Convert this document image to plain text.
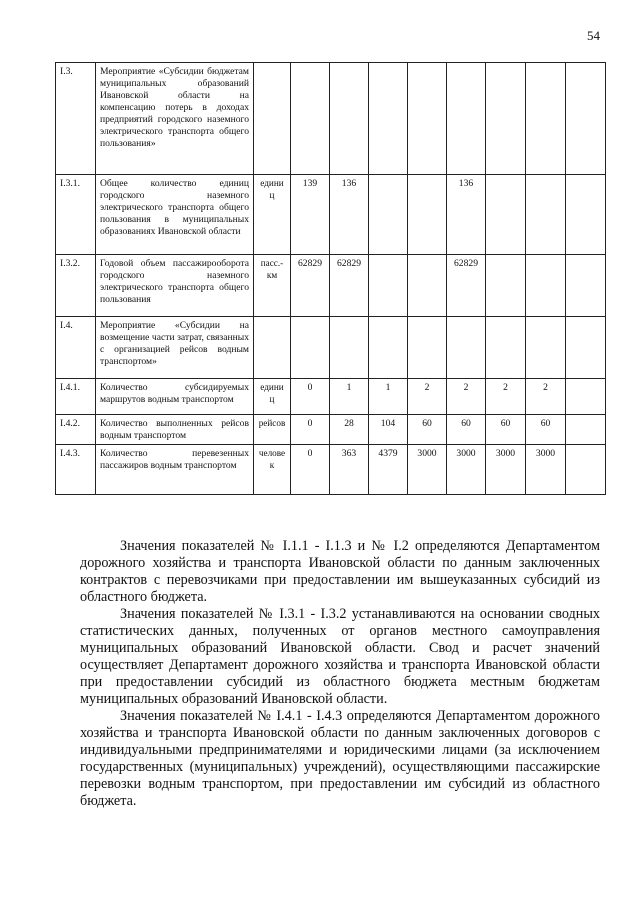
54
I.3.	Мероприятие «Субсидии бюджетам муниципальных образований Ивановской области на компенсацию потерь в доходах предприятий городского наземного электрического транспорта общего пользования»									
I.3.1.	Общее количество единиц городского наземного электрического транспорта общего пользования в муниципальных образованиях Ивановской области	единиц	139	136			136			
I.3.2.	Годовой объем пассажирооборота городского наземного электрического транспорта общего пользования	пасс.-км	62829	62829			62829			
I.4.	Мероприятие «Субсидии на возмещение части затрат, связанных с организацией рейсов водным транспортом»									
I.4.1.	Количество субсидируемых маршрутов водным транспортом	единиц	0	1	1	2	2	2	2	
I.4.2.	Количество выполненных рейсов водным транспортом	рейсов	0	28	104	60	60	60	60	
I.4.3.	Количество перевезенных пассажиров водным транспортом	человек	0	363	4379	3000	3000	3000	3000	

Значения показателей № I.1.1 - I.1.3 и № I.2 определяются Департаментом дорожного хозяйства и транспорта Ивановской области по данным заключенных контрактов с перевозчиками при предоставлении им вышеуказанных субсидий из областного бюджета.

Значения показателей № I.3.1 - I.3.2 устанавливаются на основании сводных статистических данных, полученных от органов местного самоуправления муниципальных образований Ивановской области. Свод и расчет значений осуществляет Департамент дорожного хозяйства и транспорта Ивановской области при предоставлении субсидий из областного бюджета местным бюджетам муниципальных образований Ивановской области.

Значения показателей № I.4.1 - I.4.3 определяются Департаментом дорожного хозяйства и транспорта Ивановской области по данным заключенных договоров с индивидуальными предпринимателями и юридическими лицами (за исключением государственных (муниципальных) учреждений), осуществляющими пассажирские перевозки водным транспортом, при предоставлении им субсидий из областного бюджета.
